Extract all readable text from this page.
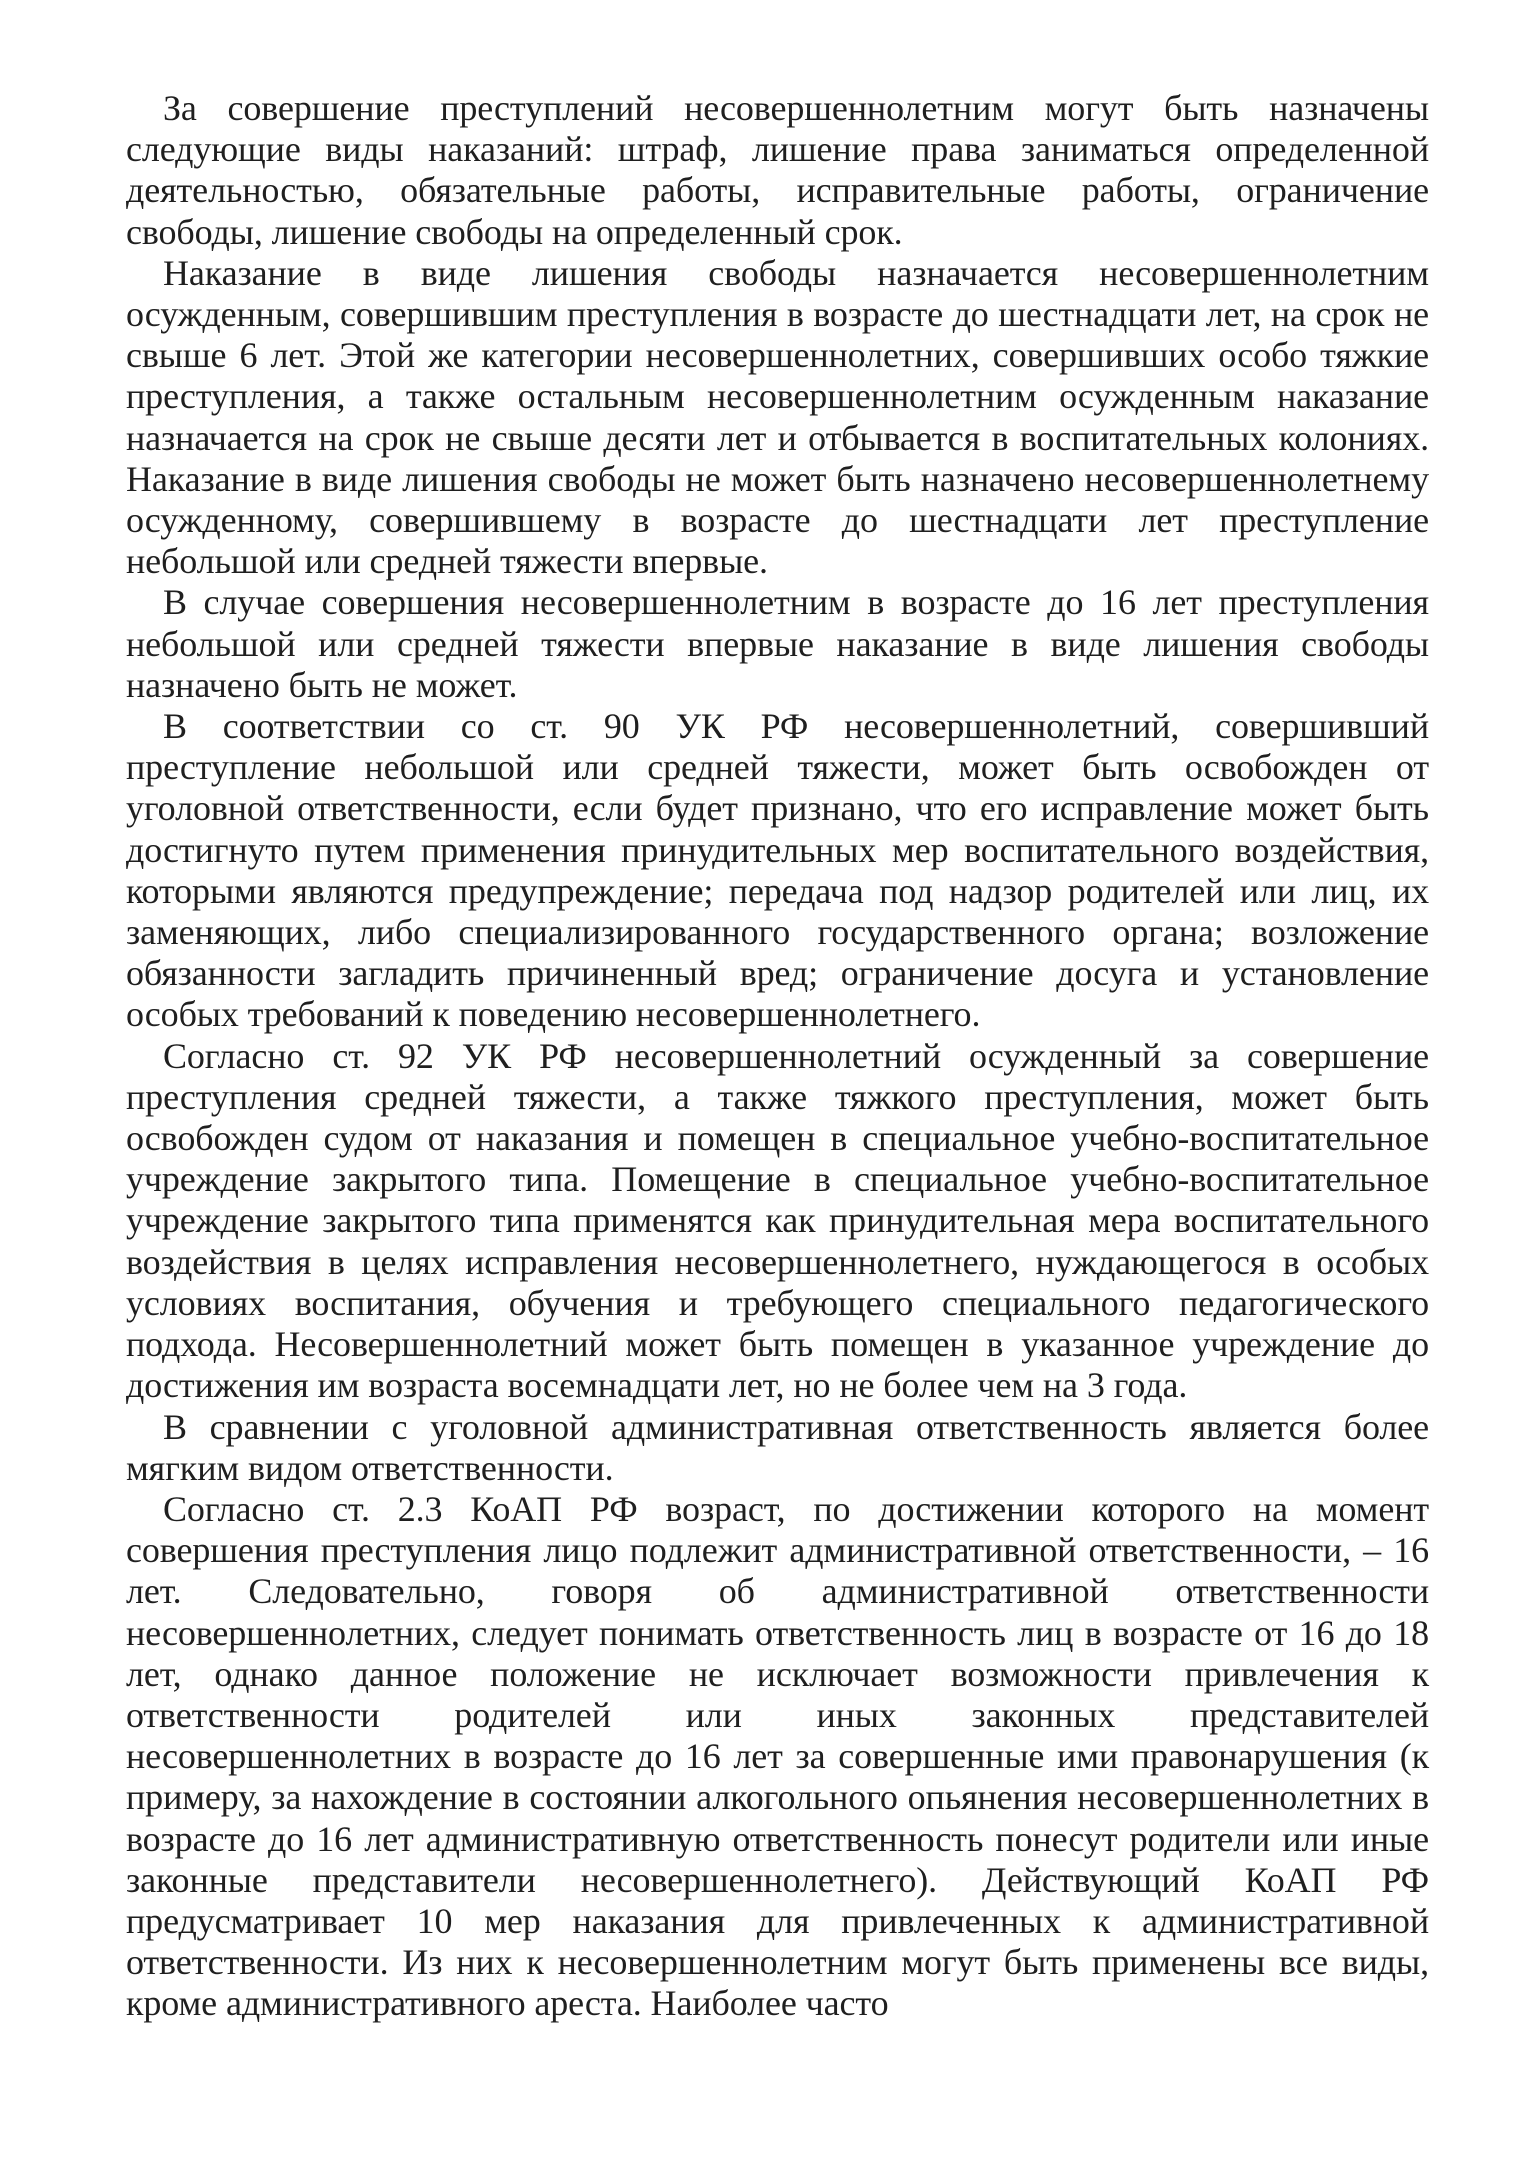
За совершение преступлений несовершеннолетним могут быть назначены следующие виды наказаний: штраф, лишение права заниматься определенной деятельностью, обязательные работы, исправительные работы, ограничение свободы, лишение свободы на определенный срок.

Наказание в виде лишения свободы назначается несовершеннолетним осужденным, совершившим преступления в возрасте до шестнадцати лет, на срок не свыше 6 лет. Этой же категории несовершеннолетних, совершивших особо тяжкие преступления, а также остальным несовершеннолетним осужденным наказание назначается на срок не свыше десяти лет и отбывается в воспитательных колониях. Наказание в виде лишения свободы не может быть назначено несовершеннолетнему осужденному, совершившему в возрасте до шестнадцати лет преступление небольшой или средней тяжести впервые.

В случае совершения несовершеннолетним в возрасте до 16 лет преступления небольшой или средней тяжести впервые наказание в виде лишения свободы назначено быть не может.

В соответствии со ст. 90 УК РФ несовершеннолетний, совершивший преступление небольшой или средней тяжести, может быть освобожден от уголовной ответственности, если будет признано, что его исправление может быть достигнуто путем применения принудительных мер воспитательного воздействия, которыми являются предупреждение; передача под надзор родителей или лиц, их заменяющих, либо специализированного государственного органа; возложение обязанности загладить причиненный вред; ограничение досуга и установление особых требований к поведению несовершеннолетнего.

Согласно ст. 92 УК РФ несовершеннолетний осужденный за совершение преступления средней тяжести, а также тяжкого преступления, может быть освобожден судом от наказания и помещен в специальное учебно-воспитательное учреждение закрытого типа. Помещение в специальное учебно-воспитательное учреждение закрытого типа применятся как принудительная мера воспитательного воздействия в целях исправления несовершеннолетнего, нуждающегося в особых условиях воспитания, обучения и требующего специального педагогического подхода. Несовершеннолетний может быть помещен в указанное учреждение до достижения им возраста восемнадцати лет, но не более чем на 3 года.

В сравнении с уголовной административная ответственность является более мягким видом ответственности.

Согласно ст. 2.3 КоАП РФ возраст, по достижении которого на момент совершения преступления лицо подлежит административной ответственности, – 16 лет. Следовательно, говоря об административной ответственности несовершеннолетних, следует понимать ответственность лиц в возрасте от 16 до 18 лет, однако данное положение не исключает возможности привлечения к ответственности родителей или иных законных представителей несовершеннолетних в возрасте до 16 лет за совершенные ими правонарушения (к примеру, за нахождение в состоянии алкогольного опьянения несовершеннолетних в возрасте до 16 лет административную ответственность понесут родители или иные законные представители несовершеннолетнего). Действующий КоАП РФ предусматривает 10 мер наказания для привлеченных к административной ответственности. Из них к несовершеннолетним могут быть применены все виды, кроме административного ареста. Наиболее часто
